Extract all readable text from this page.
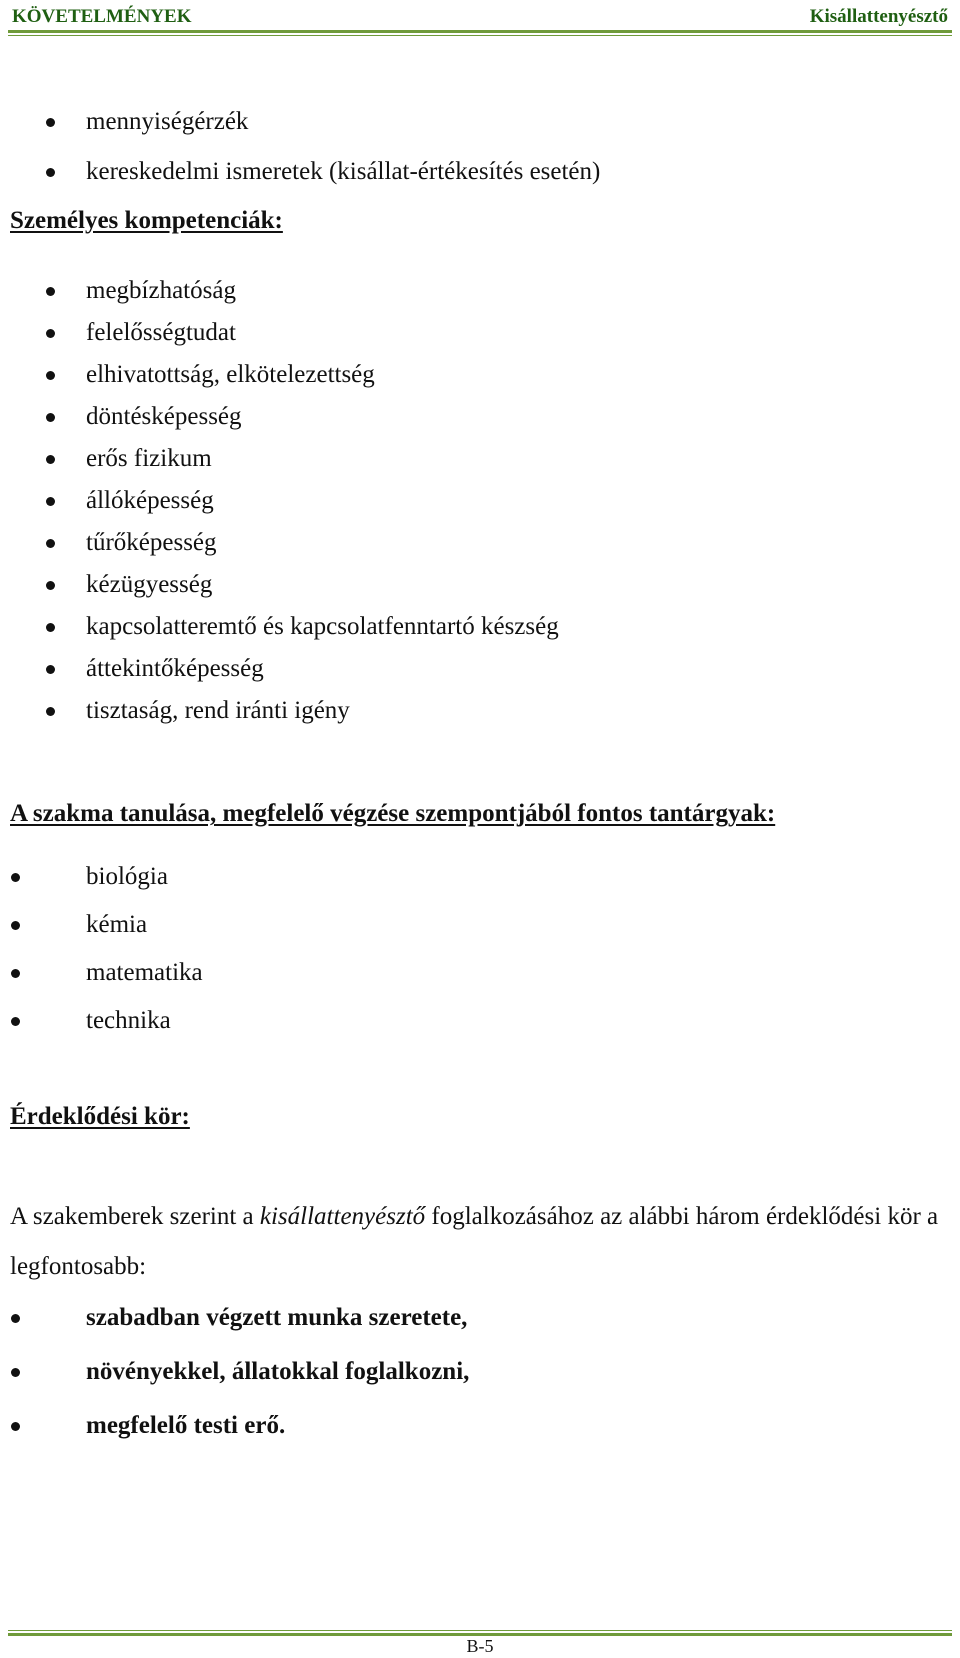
KÖVETELMÉNYEK	Kisállattenyésztő
mennyiségérzék
kereskedelmi ismeretek (kisállat-értékesítés esetén)
Személyes kompetenciák:
megbízhatóság
felelősségtudat
elhivatottság, elkötelezettség
döntésképesség
erős fizikum
állóképesség
tűrőképesség
kézügyesség
kapcsolatteremtő és kapcsolatfenntartó készség
áttekintőképesség
tisztaság, rend iránti igény
A szakma tanulása, megfelelő végzése szempontjából fontos tantárgyak:
biológia
kémia
matematika
technika
Érdeklődési kör:
A szakemberek szerint a kisállattenyésztő foglalkozásához az alábbi három érdeklődési kör a legfontosabb:
szabadban végzett munka szeretete,
növényekkel, állatokkal foglalkozni,
megfelelő testi erő.
B-5
